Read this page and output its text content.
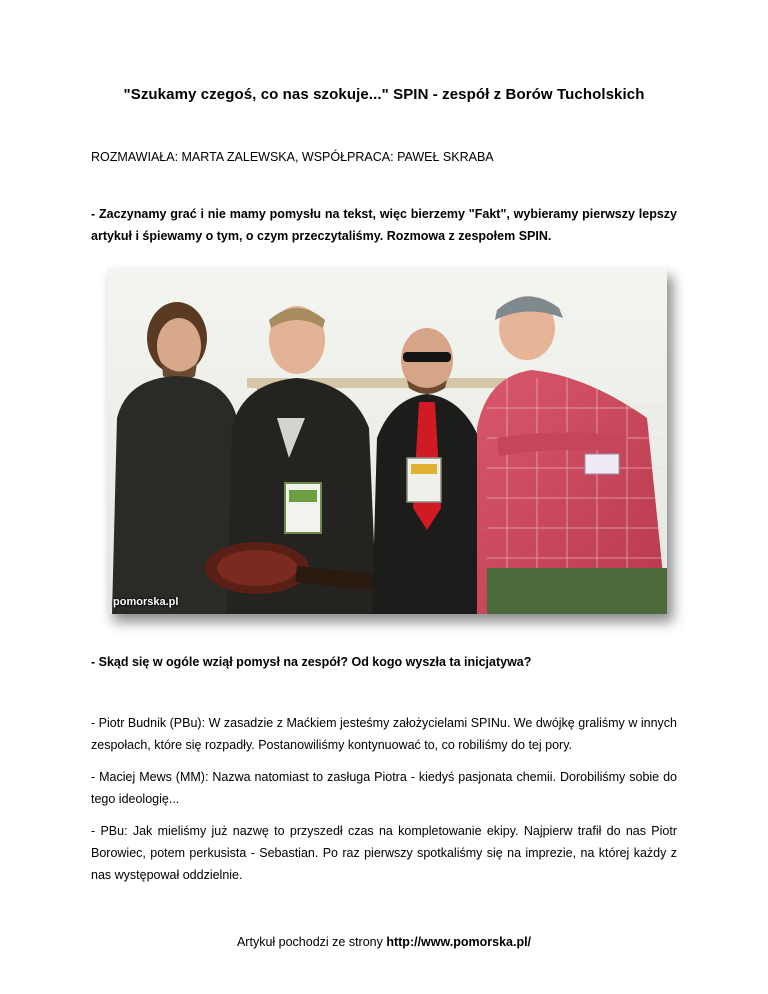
"Szukamy czegoś, co nas szokuje..." SPIN - zespół z Borów Tucholskich
ROZMAWIAŁA: MARTA ZALEWSKA, WSPÓŁPRACA: PAWEŁ SKRABA
- Zaczynamy grać i nie mamy pomysłu na tekst, więc bierzemy "Fakt", wybieramy pierwszy lepszy artykuł i śpiewamy o tym, o czym przeczytaliśmy. Rozmowa z zespołem SPIN.
pomorska.pl
- Skąd się w ogóle wziął pomysł na zespół? Od kogo wyszła ta inicjatywa?
- Piotr Budnik (PBu): W zasadzie z Maćkiem jesteśmy założycielami SPINu. We dwójkę graliśmy w innych zespołach, które się rozpadły. Postanowiliśmy kontynuować to, co robiliśmy do tej pory.
- Maciej Mews (MM): Nazwa natomiast to zasługa Piotra - kiedyś pasjonata chemii. Dorobiliśmy sobie do tego ideologię...
- PBu: Jak mieliśmy już nazwę to przyszedł czas na kompletowanie ekipy. Najpierw trafił do nas Piotr Borowiec, potem perkusista - Sebastian. Po raz pierwszy spotkaliśmy się na imprezie, na której każdy z nas występował oddzielnie.
Artykuł pochodzi ze strony http://www.pomorska.pl/
